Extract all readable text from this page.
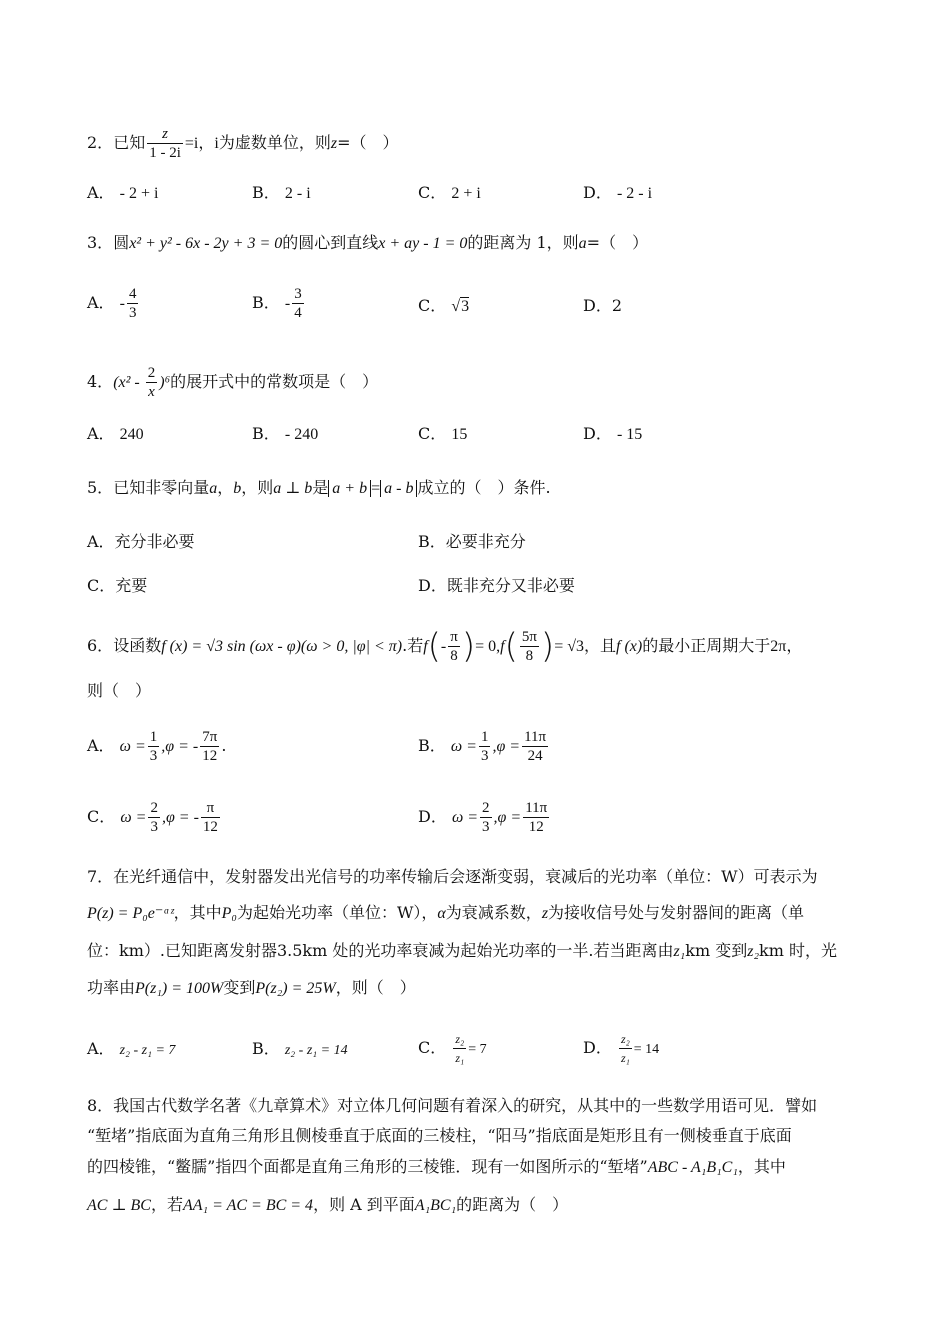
2．已知 $\frac{z}{1 - 2i} =i$，i为虚数单位，则z=（　）
A． - 2 + i	B． 2 - i	C． 2 + i	D． - 2 - i
3．圆x² + y² - 6x - 2y + 3 = 0的圆心到直线x + ay - 1 = 0的距离为 1，则a=（　）
A． - $\frac{4}{3}$	B． - $\frac{3}{4}$	C． √3	D．2
4．$(x^2 - \frac{2}{x} )^6$的展开式中的常数项是（　）
A． 240	B． - 240	C． 15	D． - 15
5．已知非零向量a，b，则a ⊥ b是 a + b = a - b 成立的（　）条件.
A．充分非必要	B．必要非充分
C．充要	D．既非充分又非必要
6．设函数f (x) = √3 sin (ωx - φ)(ω > 0, |φ| < π).若$f(- \frac{\pi}{8}$ )= $0,f( \frac{5\pi}{8}$ )= √3，且f (x)的最小正周期大于2π，
则（　）
A． $\omega = \frac{1}{3} ,\varphi$ = - $\frac{7\pi}{12}$ .	B． $\omega = \frac{1}{3} ,\varphi = \frac{11\pi}{24}$
C． $\omega = \frac{2}{3} ,\varphi$ = - $\frac{\pi}{12}$	D． $\omega = \frac{2}{3} ,\varphi = \frac{11\pi}{12}$
7．在光纤通信中，发射器发出光信号的功率传输后会逐渐变弱，衰减后的光功率（单位：W）可表示为
P(z) = P₀e⁻ᵅᶻ，其中P₀为起始光功率（单位：W），α为衰减系数，z为接收信号处与发射器间的距离（单
位：km）.已知距离发射器3.5km 处的光功率衰减为起始光功率的一半.若当距离由z₁km 变到z₂km 时，光
功率由P(z₁) = 100W变到P(z₂) = 25W，则（　）
A． z₂ - z₁ = 7	B． z₂ - z₁ = 14	C． $\frac{\text{z₂}}{\text{z₁}} = 7$	D． $\frac{\text{z₂}}{\text{z₁}} = 14$
8．我国古代数学名著《九章算术》对立体几何问题有着深入的研究，从其中的一些数学用语可见．譬如
“堑堵”指底面为直角三角形且侧棱垂直于底面的三棱柱，“阳马”指底面是矩形且有一侧棱垂直于底面
的四棱锥，“鳖臑”指四个面都是直角三角形的三棱锥．现有一如图所示的“堑堵”ABC - A₁B₁C₁，其中
AC ⊥ BC，若AA₁ = AC = BC = 4，则 A 到平面A₁BC₁的距离为（　）
